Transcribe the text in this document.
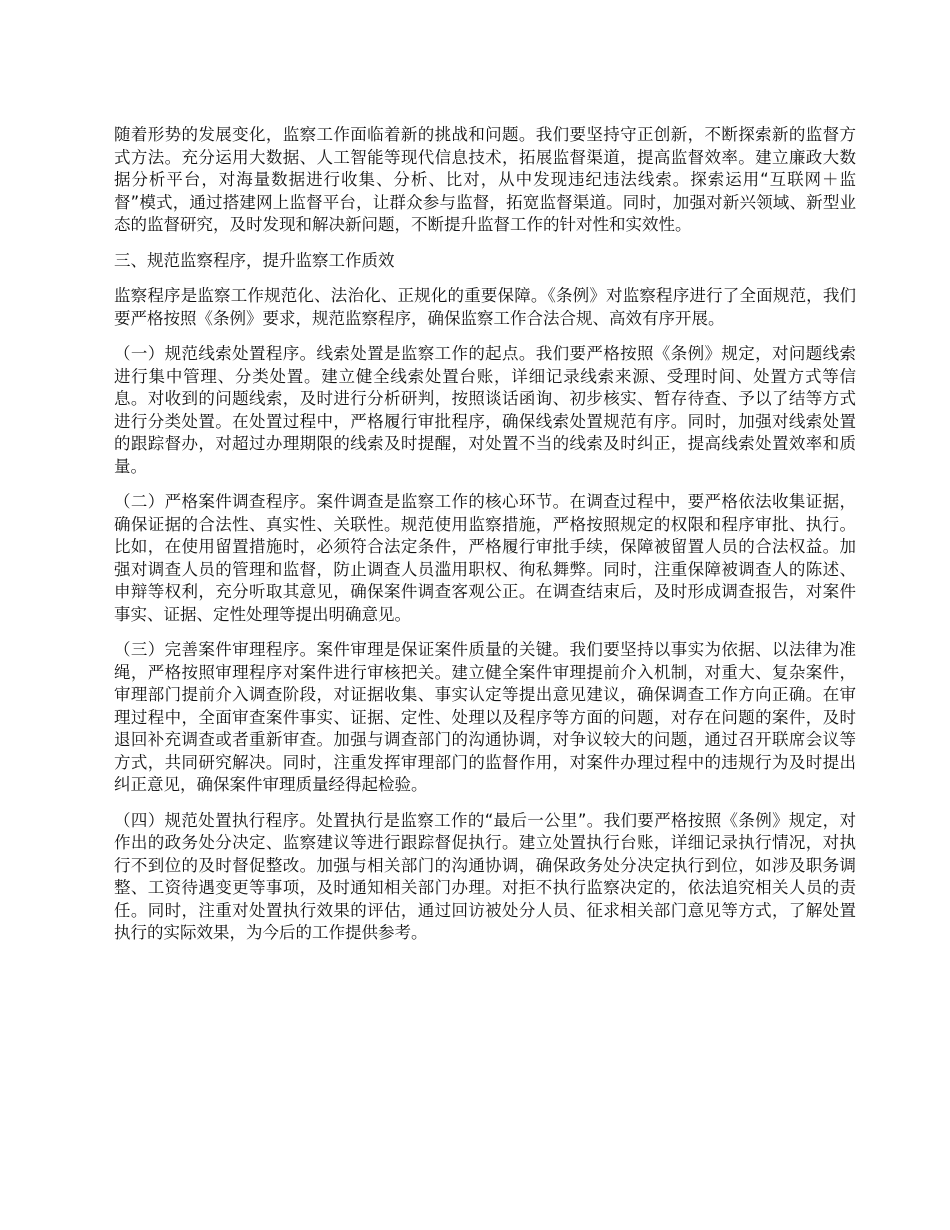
随着形势的发展变化，监察工作面临着新的挑战和问题。我们要坚持守正创新，不断探索新的监督方式方法。充分运用大数据、人工智能等现代信息技术，拓展监督渠道，提高监督效率。建立廉政大数据分析平台，对海量数据进行收集、分析、比对，从中发现违纪违法线索。探索运用“互联网＋监督”模式，通过搭建网上监督平台，让群众参与监督，拓宽监督渠道。同时，加强对新兴领域、新型业态的监督研究，及时发现和解决新问题，不断提升监督工作的针对性和实效性。

三、规范监察程序，提升监察工作质效

监察程序是监察工作规范化、法治化、正规化的重要保障。《条例》对监察程序进行了全面规范，我们要严格按照《条例》要求，规范监察程序，确保监察工作合法合规、高效有序开展。

（一）规范线索处置程序。线索处置是监察工作的起点。我们要严格按照《条例》规定，对问题线索进行集中管理、分类处置。建立健全线索处置台账，详细记录线索来源、受理时间、处置方式等信息。对收到的问题线索，及时进行分析研判，按照谈话函询、初步核实、暂存待查、予以了结等方式进行分类处置。在处置过程中，严格履行审批程序，确保线索处置规范有序。同时，加强对线索处置的跟踪督办，对超过办理期限的线索及时提醒，对处置不当的线索及时纠正，提高线索处置效率和质量。

（二）严格案件调查程序。案件调查是监察工作的核心环节。在调查过程中，要严格依法收集证据，确保证据的合法性、真实性、关联性。规范使用监察措施，严格按照规定的权限和程序审批、执行。比如，在使用留置措施时，必须符合法定条件，严格履行审批手续，保障被留置人员的合法权益。加强对调查人员的管理和监督，防止调查人员滥用职权、徇私舞弊。同时，注重保障被调查人的陈述、申辩等权利，充分听取其意见，确保案件调查客观公正。在调查结束后，及时形成调查报告，对案件事实、证据、定性处理等提出明确意见。

（三）完善案件审理程序。案件审理是保证案件质量的关键。我们要坚持以事实为依据、以法律为准绳，严格按照审理程序对案件进行审核把关。建立健全案件审理提前介入机制，对重大、复杂案件，审理部门提前介入调查阶段，对证据收集、事实认定等提出意见建议，确保调查工作方向正确。在审理过程中，全面审查案件事实、证据、定性、处理以及程序等方面的问题，对存在问题的案件，及时退回补充调查或者重新审查。加强与调查部门的沟通协调，对争议较大的问题，通过召开联席会议等方式，共同研究解决。同时，注重发挥审理部门的监督作用，对案件办理过程中的违规行为及时提出纠正意见，确保案件审理质量经得起检验。

（四）规范处置执行程序。处置执行是监察工作的“最后一公里”。我们要严格按照《条例》规定，对作出的政务处分决定、监察建议等进行跟踪督促执行。建立处置执行台账，详细记录执行情况，对执行不到位的及时督促整改。加强与相关部门的沟通协调，确保政务处分决定执行到位，如涉及职务调整、工资待遇变更等事项，及时通知相关部门办理。对拒不执行监察决定的，依法追究相关人员的责任。同时，注重对处置执行效果的评估，通过回访被处分人员、征求相关部门意见等方式，了解处置执行的实际效果，为今后的工作提供参考。
